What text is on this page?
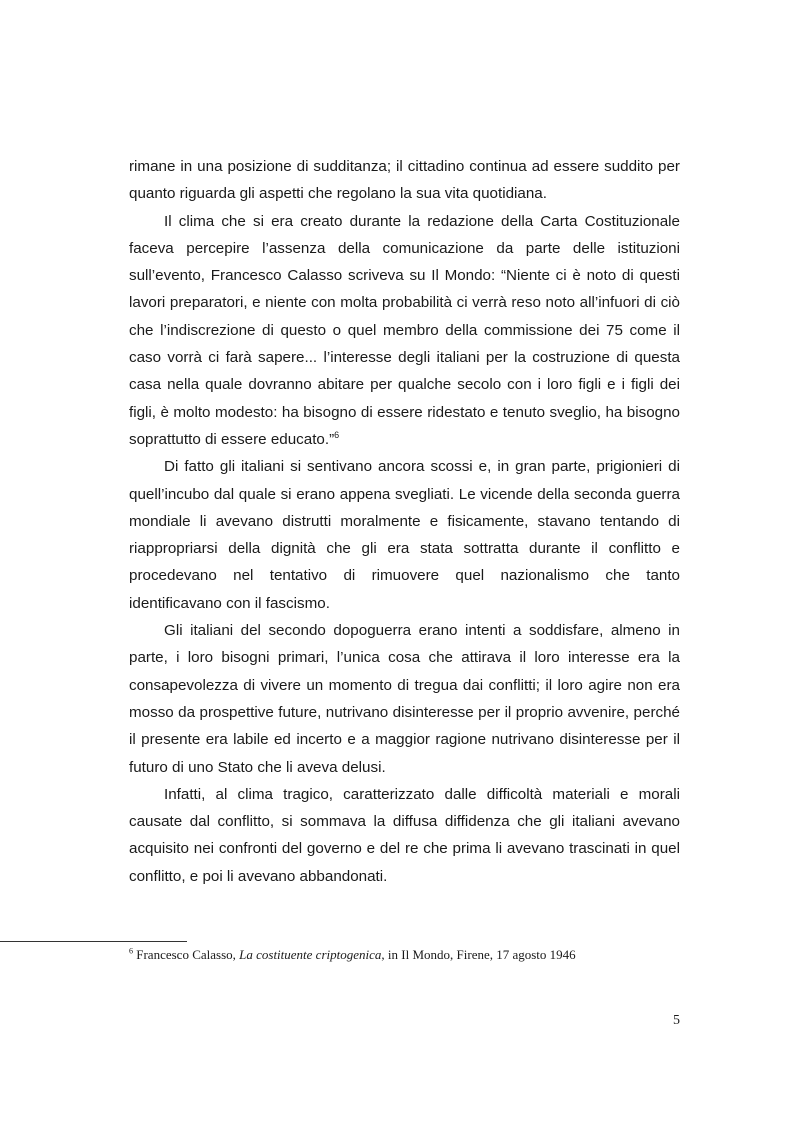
rimane in una posizione di sudditanza; il cittadino continua ad essere suddito per quanto riguarda gli aspetti che regolano la sua vita quotidiana.

Il clima che si era creato durante la redazione della Carta Costituzionale faceva percepire l’assenza della comunicazione da parte delle istituzioni sull’evento, Francesco Calasso scriveva su Il Mondo: “Niente ci è noto di questi lavori preparatori, e niente con molta probabilità ci verrà reso noto all’infuori di ciò che l’indiscrezione di questo o quel membro della commissione dei 75 come il caso vorrà ci farà sapere... l’interesse degli italiani per la costruzione di questa casa nella quale dovranno abitare per qualche secolo con i loro figli e i figli dei figli, è molto modesto: ha bisogno di essere ridestato e tenuto sveglio, ha bisogno soprattutto di essere educato.”$^6$

Di fatto gli italiani si sentivano ancora scossi e, in gran parte, prigionieri di quell’incubo dal quale si erano appena svegliati. Le vicende della seconda guerra mondiale li avevano distrutti moralmente e fisicamente, stavano tentando di riappropriarsi della dignità che gli era stata sottratta durante il conflitto e procedevano nel tentativo di rimuovere quel nazionalismo che tanto identificavano con il fascismo.

Gli italiani del secondo dopoguerra erano intenti a soddisfare, almeno in parte, i loro bisogni primari, l’unica cosa che attirava il loro interesse era la consapevolezza di vivere un momento di tregua dai conflitti; il loro agire non era mosso da prospettive future, nutrivano disinteresse per il proprio avvenire, perché il presente era labile ed incerto e a maggior ragione nutrivano disinteresse per il futuro di uno Stato che li aveva delusi.

Infatti, al clima tragico, caratterizzato dalle difficoltà materiali e morali causate dal conflitto, si sommava la diffusa diffidenza che gli italiani avevano acquisito nei confronti del governo e del re che prima li avevano trascinati in quel conflitto, e poi li avevano abbandonati.

$^6$ Francesco Calasso, La costituente criptogenica, in Il Mondo, Firene, 17 agosto 1946
5
